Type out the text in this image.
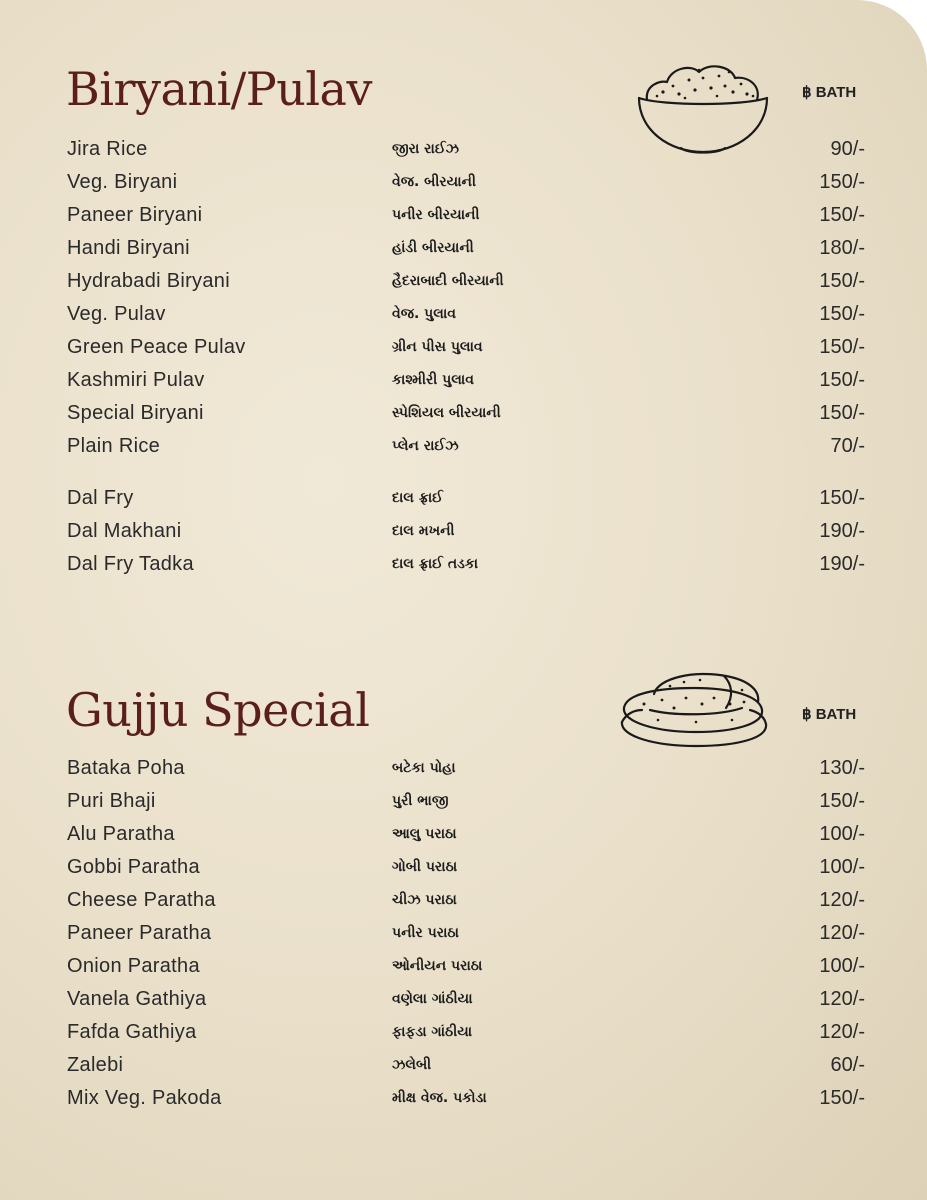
Biryani/Pulav	฿ BATH
Jira Rice	જીરા રાઈઝ	90/-
Veg. Biryani	વેજ. બીરયાની	150/-
Paneer Biryani	પનીર બીરયાની	150/-
Handi Biryani	હાંડી બીરયાની	180/-
Hydrabadi Biryani	હૈદરાબાદી બીરયાની	150/-
Veg. Pulav	વેજ. પુલાવ	150/-
Green Peace Pulav	ગ્રીન પીસ પુલાવ	150/-
Kashmiri Pulav	કાશ્મીરી પુલાવ	150/-
Special Biryani	સ્પેશિયલ બીરયાની	150/-
Plain Rice	પ્લેન રાઈઝ	70/-
Dal Fry	દાલ ફ્રાઈ	150/-
Dal Makhani	દાલ મખની	190/-
Dal Fry Tadka	દાલ ફ્રાઈ તડકા	190/-
Gujju Special	฿ BATH
Bataka Poha	બટેકા પોહા	130/-
Puri Bhaji	પુરી ભાજી	150/-
Alu Paratha	આલુ પરાઠા	100/-
Gobbi Paratha	ગોબી પરાઠા	100/-
Cheese Paratha	ચીઝ પરાઠા	120/-
Paneer Paratha	પનીર પરાઠા	120/-
Onion Paratha	ઓનીયન પરાઠા	100/-
Vanela Gathiya	વણેલા ગાંઠીયા	120/-
Fafda Gathiya	ફાફડા ગાંઠીયા	120/-
Zalebi	ઝલેબી	60/-
Mix Veg. Pakoda	મીક્ષ વેજ. પકોડા	150/-
